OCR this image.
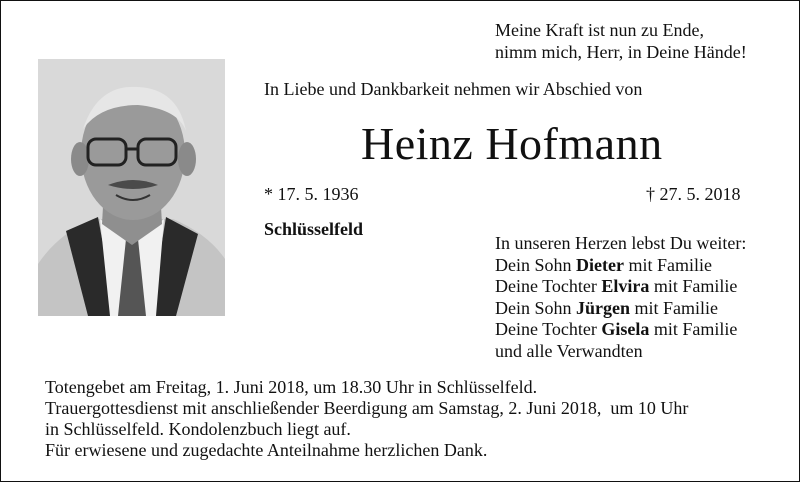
Meine Kraft ist nun zu Ende,
nimm mich, Herr, in Deine Hände!
In Liebe und Dankbarkeit nehmen wir Abschied von
Heinz Hofmann
* 17. 5. 1936	† 27. 5. 2018
Schlüsselfeld
In unseren Herzen lebst Du weiter:
Dein Sohn Dieter mit Familie
Deine Tochter Elvira mit Familie
Dein Sohn Jürgen mit Familie
Deine Tochter Gisela mit Familie
und alle Verwandten
Totengebet am Freitag, 1. Juni 2018, um 18.30 Uhr in Schlüsselfeld.
Trauergottesdienst mit anschließender Beerdigung am Samstag, 2. Juni 2018,  um 10 Uhr
in Schlüsselfeld. Kondolenzbuch liegt auf.
Für erwiesene und zugedachte Anteilnahme herzlichen Dank.
